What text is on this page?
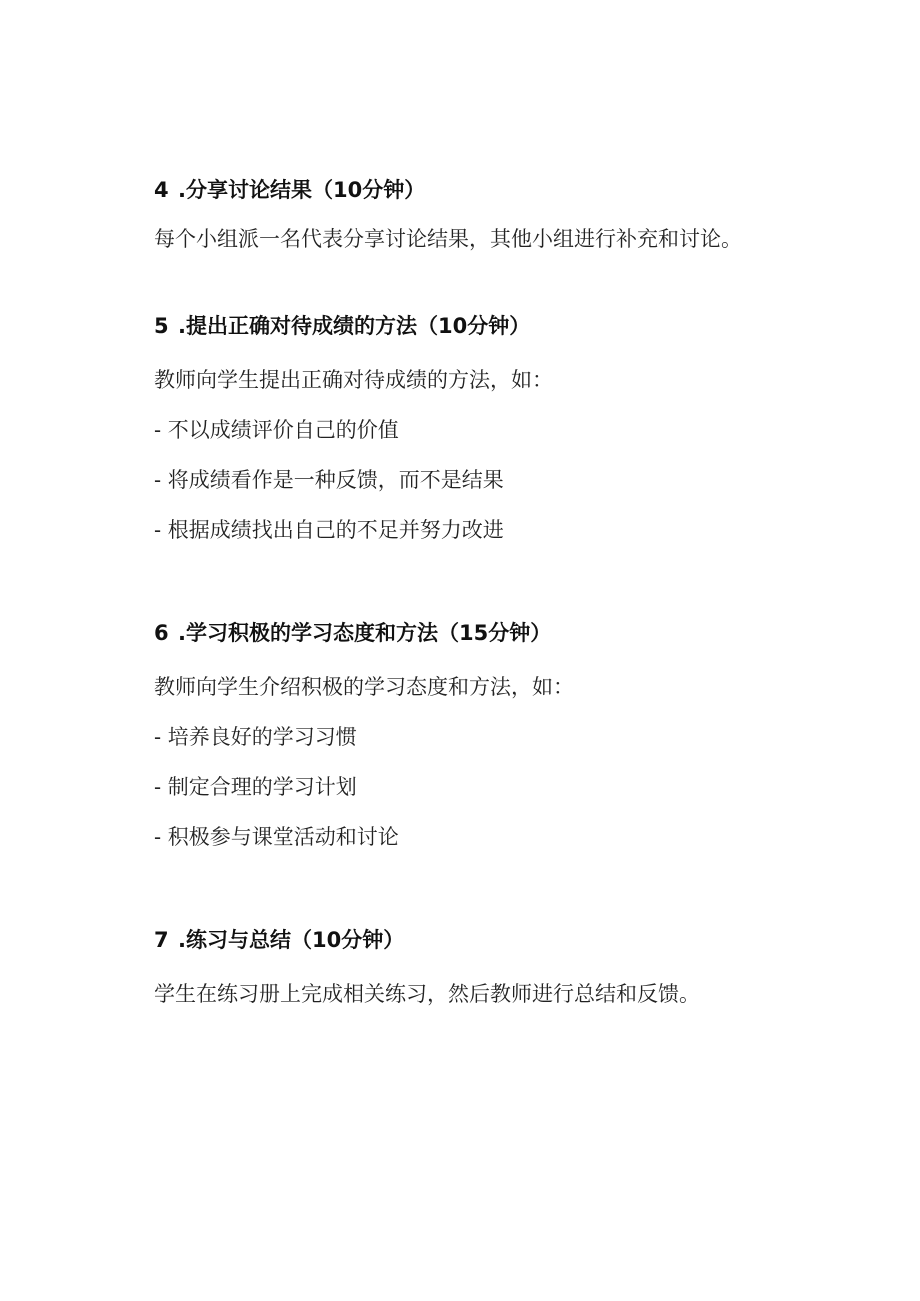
4 .分享讨论结果（10分钟）
每个小组派一名代表分享讨论结果，其他小组进行补充和讨论。
5 .提出正确对待成绩的方法（10分钟）
教师向学生提出正确对待成绩的方法，如：
- 不以成绩评价自己的价值
- 将成绩看作是一种反馈，而不是结果
- 根据成绩找出自己的不足并努力改进
6 .学习积极的学习态度和方法（15分钟）
教师向学生介绍积极的学习态度和方法，如：
- 培养良好的学习习惯
- 制定合理的学习计划
- 积极参与课堂活动和讨论
7 .练习与总结（10分钟）
学生在练习册上完成相关练习，然后教师进行总结和反馈。
